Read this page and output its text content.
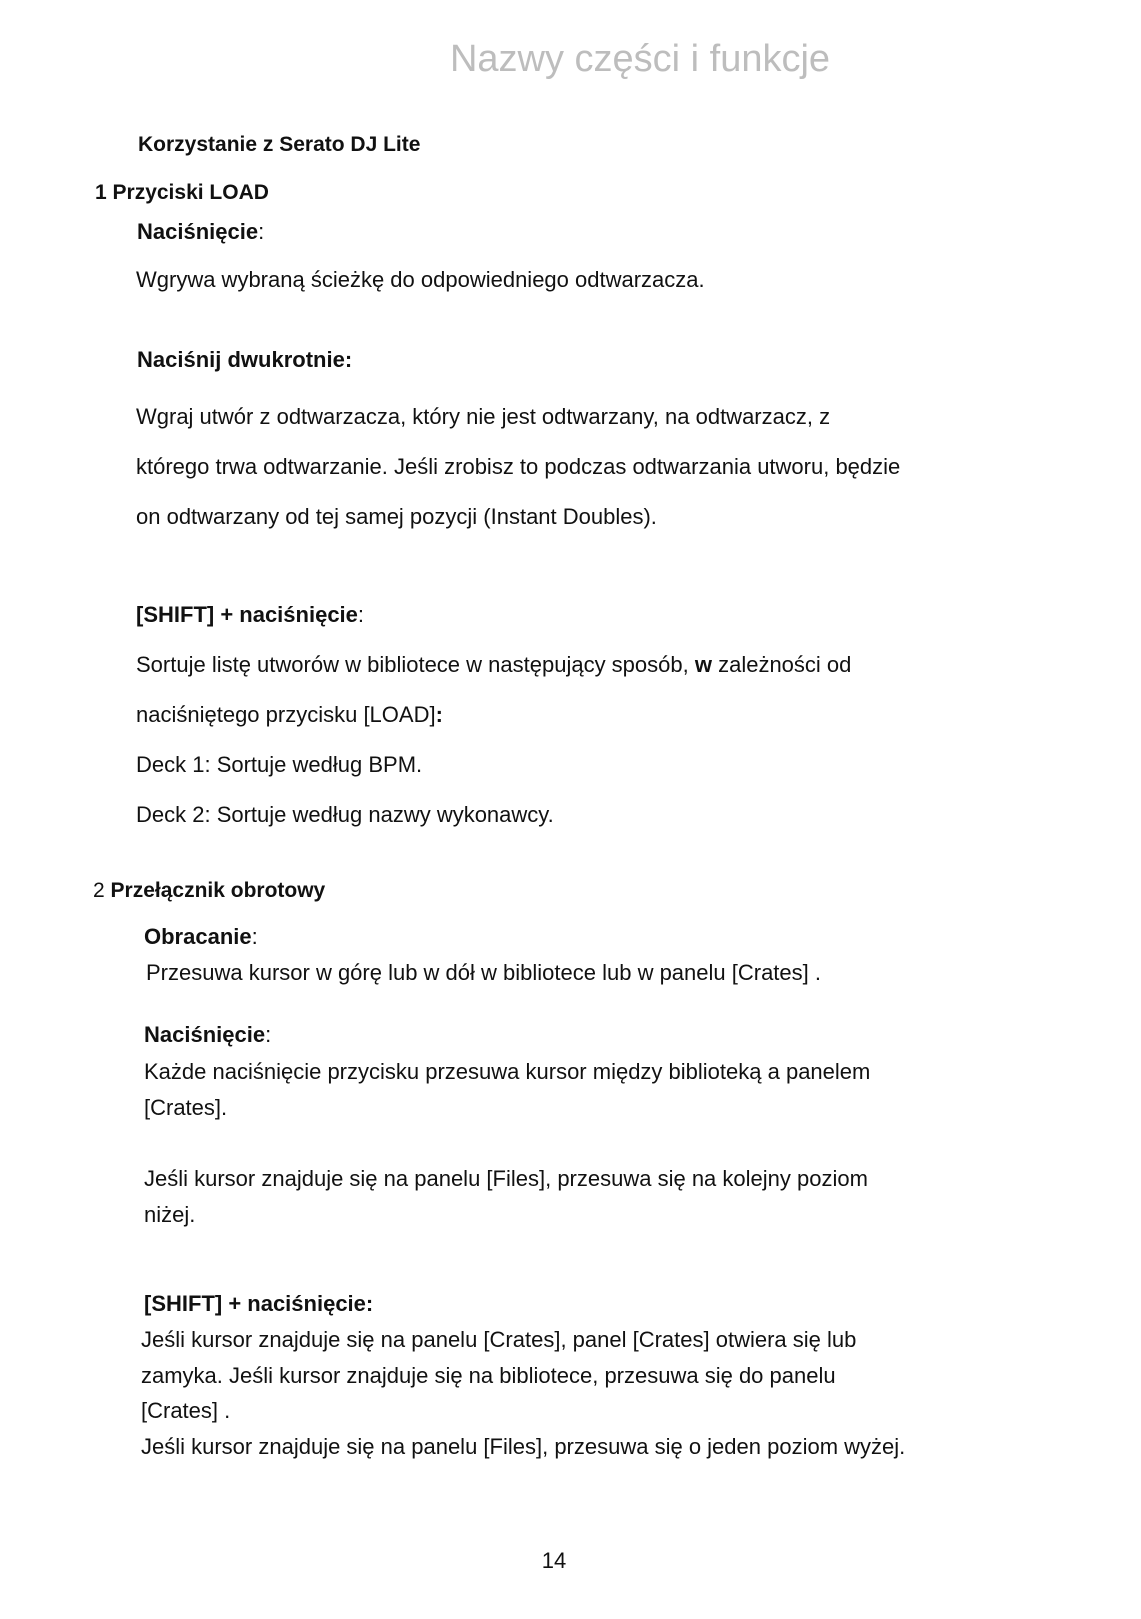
Nazwy części i funkcje
Korzystanie z Serato DJ Lite
1 Przyciski LOAD
Naciśnięcie:
Wgrywa wybraną ścieżkę do odpowiedniego odtwarzacza.
Naciśnij dwukrotnie:
Wgraj utwór z odtwarzacza, który nie jest odtwarzany, na odtwarzacz, z
którego trwa odtwarzanie. Jeśli zrobisz to podczas odtwarzania utworu, będzie
on odtwarzany od tej samej pozycji (Instant Doubles).
[SHIFT] + naciśnięcie:
Sortuje listę utworów w bibliotece w następujący sposób, w zależności od
naciśniętego przycisku [LOAD]:
Deck 1: Sortuje według BPM.
Deck 2: Sortuje według nazwy wykonawcy.
2 Przełącznik obrotowy
Obracanie:
Przesuwa kursor w górę lub w dół w bibliotece lub w panelu [Crates] .
Naciśnięcie:
Każde naciśnięcie przycisku przesuwa kursor między biblioteką a panelem
[Crates].
Jeśli kursor znajduje się na panelu [Files], przesuwa się na kolejny poziom
niżej.
[SHIFT] + naciśnięcie:
Jeśli kursor znajduje się na panelu [Crates], panel [Crates] otwiera się lub
zamyka. Jeśli kursor znajduje się na bibliotece, przesuwa się do panelu
[Crates] .
Jeśli kursor znajduje się na panelu [Files], przesuwa się o jeden poziom wyżej.
14
